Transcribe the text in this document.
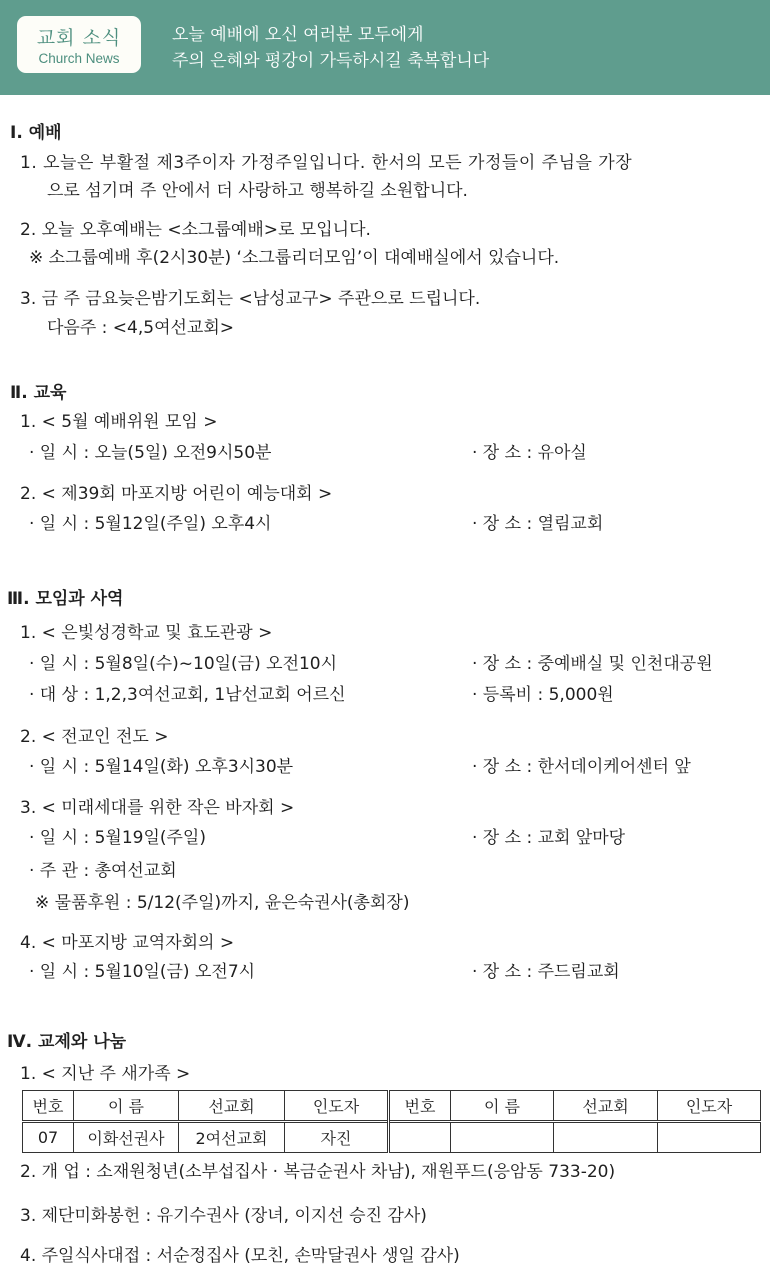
교회 소식
Church News
오늘 예배에 오신 여러분 모두에게
주의 은혜와 평강이 가득하시길 축복합니다
Ⅰ. 예배
1. 오늘은 부활절 제3주이자 가정주일입니다. 한서의 모든 가정들이 주님을 가장
으로 섬기며 주 안에서 더 사랑하고 행복하길 소원합니다.
2. 오늘 오후예배는 <소그룹예배>로 모입니다.
※ 소그룹예배 후(2시30분) ‘소그룹리더모임’이 대예배실에서 있습니다.
3. 금 주 금요늦은밤기도회는 <남성교구> 주관으로 드립니다.
다음주 : <4,5여선교회>
Ⅱ. 교육
1. < 5월 예배위원 모임 >
· 일 시 : 오늘(5일) 오전9시50분	· 장 소 : 유아실
2. < 제39회 마포지방 어린이 예능대회 >
· 일 시 : 5월12일(주일) 오후4시	· 장 소 : 열림교회
Ⅲ. 모임과 사역
1. < 은빛성경학교 및 효도관광 >
· 일 시 : 5월8일(수)~10일(금) 오전10시	· 장 소 : 중예배실 및 인천대공원
· 대 상 : 1,2,3여선교회, 1남선교회 어르신	· 등록비 : 5,000원
2. < 전교인 전도 >
· 일 시 : 5월14일(화) 오후3시30분	· 장 소 : 한서데이케어센터 앞
3. < 미래세대를 위한 작은 바자회 >
· 일 시 : 5월19일(주일)	· 장 소 : 교회 앞마당
· 주 관 : 총여선교회
※ 물품후원 : 5/12(주일)까지, 윤은숙권사(총회장)
4. < 마포지방 교역자회의 >
· 일 시 : 5월10일(금) 오전7시	· 장 소 : 주드림교회
Ⅳ. 교제와 나눔
1. < 지난 주 새가족 >
번호	이 름	선교회	인도자	번호	이 름	선교회	인도자
07	이화선권사	2여선교회	자진				
2. 개 업 : 소재원청년(소부섭집사 · 복금순권사 차남), 재원푸드(응암동 733-20)
3. 제단미화봉헌 : 유기수권사 (장녀, 이지선 승진 감사)
4. 주일식사대접 : 서순정집사 (모친, 손막달권사 생일 감사)
